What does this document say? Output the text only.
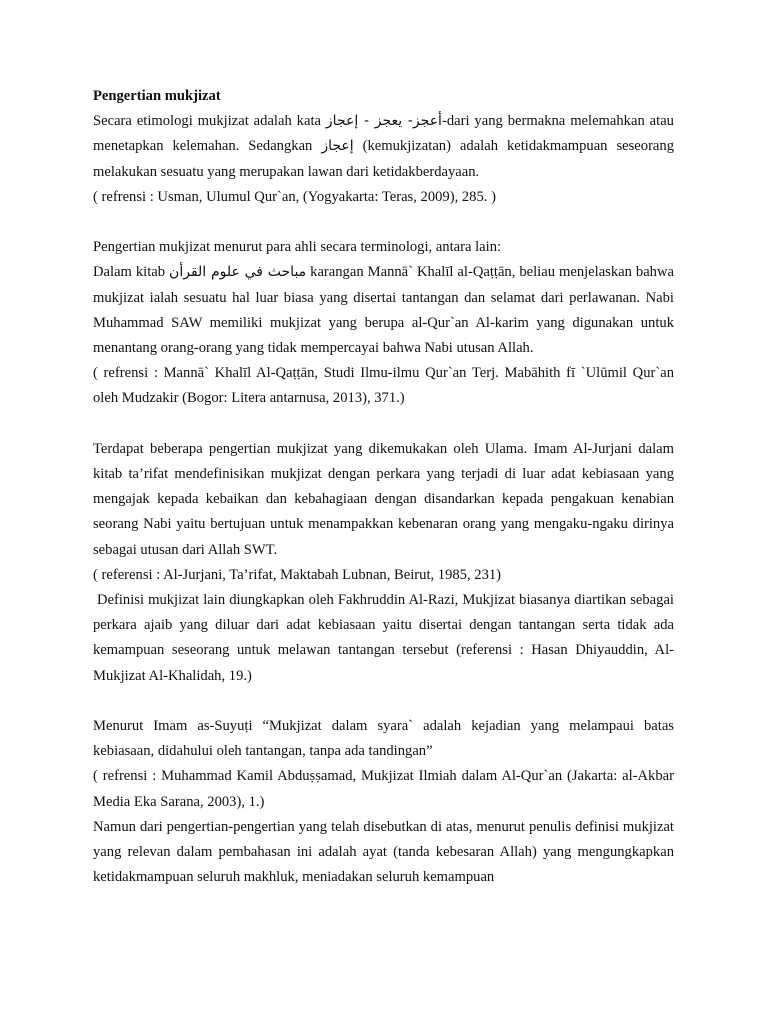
Pengertian mukjizat

Secara etimologi mukjizat adalah kata أعجز- يعجز - إعجاز-dari yang bermakna melemahkan atau menetapkan kelemahan. Sedangkan إعجاز (kemukjizatan) adalah ketidakmampuan seseorang melakukan sesuatu yang merupakan lawan dari ketidakberdayaan.

( refrensi : Usman, Ulumul Qur`an, (Yogyakarta: Teras, 2009), 285. )

Pengertian mukjizat menurut para ahli secara terminologi, antara lain:

Dalam kitab مباحث في علوم القرأن karangan Mannā` Khalīl al-Qaṭṭān, beliau menjelaskan bahwa mukjizat ialah sesuatu hal luar biasa yang disertai tantangan dan selamat dari perlawanan. Nabi Muhammad SAW memiliki mukjizat yang berupa al-Qur`an Al-karim yang digunakan untuk menantang orang-orang yang tidak mempercayai bahwa Nabi utusan Allah.

( refrensi : Mannā` Khalīl Al-Qaṭṭān, Studi Ilmu-ilmu Qur`an Terj. Mabāhith fī `Ulūmil Qur`an oleh Mudzakir (Bogor: Litera antarnusa, 2013), 371.)

Terdapat beberapa pengertian mukjizat yang dikemukakan oleh Ulama. Imam Al-Jurjani dalam kitab ta’rifat mendefinisikan mukjizat dengan perkara yang terjadi di luar adat kebiasaan yang mengajak kepada kebaikan dan kebahagiaan dengan disandarkan kepada pengakuan kenabian seorang Nabi yaitu bertujuan untuk menampakkan kebenaran orang yang mengaku-ngaku dirinya sebagai utusan dari Allah SWT.

( referensi : Al-Jurjani, Ta’rifat, Maktabah Lubnan, Beirut, 1985, 231)

Definisi mukjizat lain diungkapkan oleh Fakhruddin Al-Razi, Mukjizat biasanya diartikan sebagai perkara ajaib yang diluar dari adat kebiasaan yaitu disertai dengan tantangan serta tidak ada kemampuan seseorang untuk melawan tantangan tersebut (referensi : Hasan Dhiyauddin, Al-Mukjizat Al-Khalidah, 19.)

Menurut Imam as-Suyuṭi “Mukjizat dalam syara` adalah kejadian yang melampaui batas kebiasaan, didahului oleh tantangan, tanpa ada tandingan”

( refrensi : Muhammad Kamil Abduṣṣamad, Mukjizat Ilmiah dalam Al-Qur`an (Jakarta: al-Akbar Media Eka Sarana, 2003), 1.)

Namun dari pengertian-pengertian yang telah disebutkan di atas, menurut penulis definisi mukjizat yang relevan dalam pembahasan ini adalah ayat (tanda kebesaran Allah) yang mengungkapkan ketidakmampuan seluruh makhluk, meniadakan seluruh kemampuan
